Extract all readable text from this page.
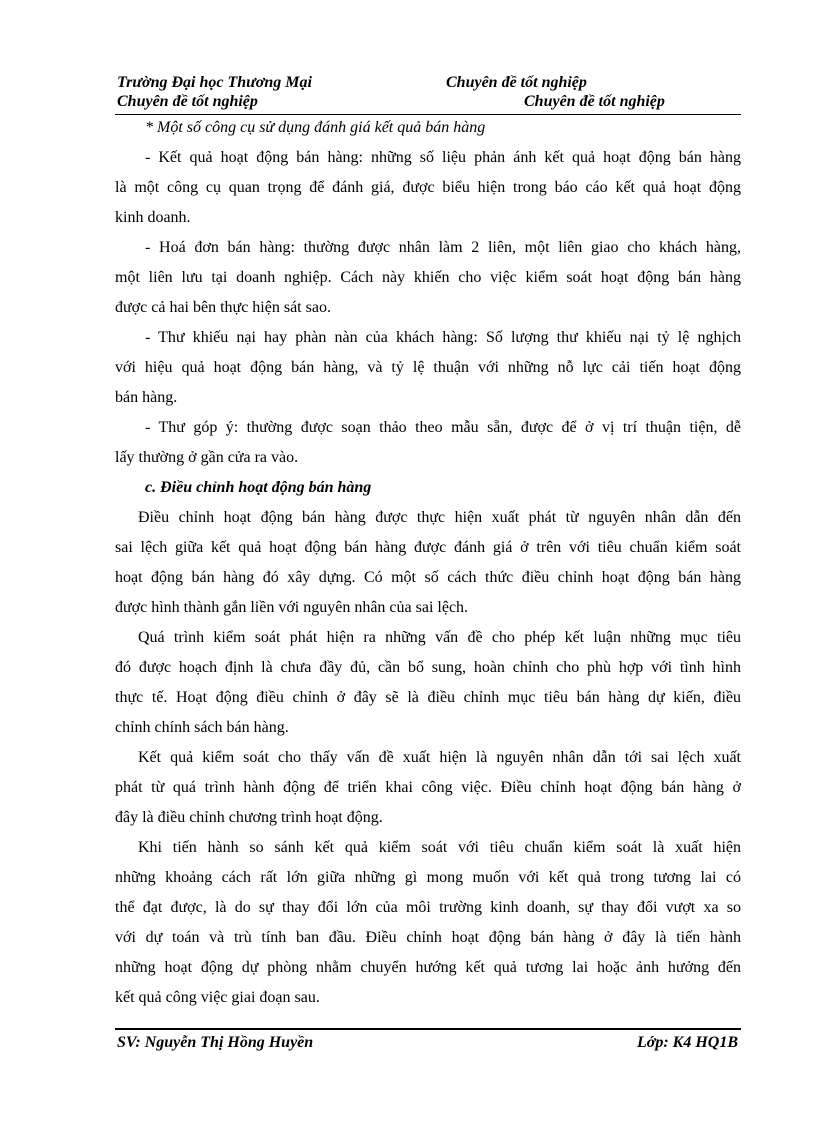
Trường Đại học Thương Mại	Chuyên đề tốt nghiệp
Chuyên đề tốt nghiệp	Chuyên đề tốt nghiệp
* Một số công cụ sử dụng đánh giá kết quả bán hàng
- Kết quả hoạt động bán hàng: những số liệu phản ánh kết quả hoạt động bán hàng
là một công cụ quan trọng để đánh giá, được biểu hiện trong báo cáo kết quả hoạt động
kinh doanh.
- Hoá đơn bán hàng: thường được nhân làm 2 liên, một liên giao cho khách hàng,
một liên lưu tại doanh nghiệp. Cách này khiến cho việc kiểm soát hoạt động bán hàng
được cả hai bên thực hiện sát sao.
- Thư khiếu nại hay phàn nàn của khách hàng: Số lượng thư khiếu nại tỷ lệ nghịch
với hiệu quả hoạt động bán hàng, và tỷ lệ thuận với những nỗ lực cải tiến hoạt động
bán hàng.
- Thư góp ý: thường được soạn thảo theo mẫu sẵn, được để ở vị trí thuận tiện, dễ
lấy thường ở gần cửa ra vào.
c. Điều chỉnh hoạt động bán hàng
Điều chỉnh hoạt động bán hàng được thực hiện xuất phát từ nguyên nhân dẫn đến
sai lệch giữa kết quả hoạt động bán hàng được đánh giá ở trên với tiêu chuẩn kiểm soát
hoạt động bán hàng đó xây dựng. Có một số cách thức điều chỉnh hoạt động bán hàng
được hình thành gắn liền với nguyên nhân của sai lệch.
Quá trình kiểm soát phát hiện ra những vấn đề cho phép kết luận những mục tiêu
đó được hoạch định là chưa đầy đủ, cần bổ sung, hoàn chỉnh cho phù hợp với tình hình
thực tế. Hoạt động điều chỉnh ở đây sẽ là điều chỉnh mục tiêu bán hàng dự kiến, điều
chỉnh chính sách bán hàng.
Kết quả kiểm soát cho thấy vấn đề xuất hiện là nguyên nhân dẫn tới sai lệch xuất
phát từ quá trình hành động để triển khai công việc. Điều chỉnh hoạt động bán hàng ở
đây là điều chỉnh chương trình hoạt động.
Khi tiến hành so sánh kết quả kiểm soát với tiêu chuẩn kiểm soát là xuất hiện
những khoảng cách rất lớn giữa những gì mong muốn với kết quả trong tương lai có
thể đạt được, là do sự thay đổi lớn của môi trường kinh doanh, sự thay đổi vượt xa so
với dự toán và trù tính ban đầu. Điều chỉnh hoạt động bán hàng ở đây là tiến hành
những hoạt động dự phòng nhằm chuyển hướng kết quả tương lai hoặc ảnh hưởng đến
kết quả công việc giai đoạn sau.
SV: Nguyễn Thị Hồng Huyền	Lớp: K4 HQ1B
